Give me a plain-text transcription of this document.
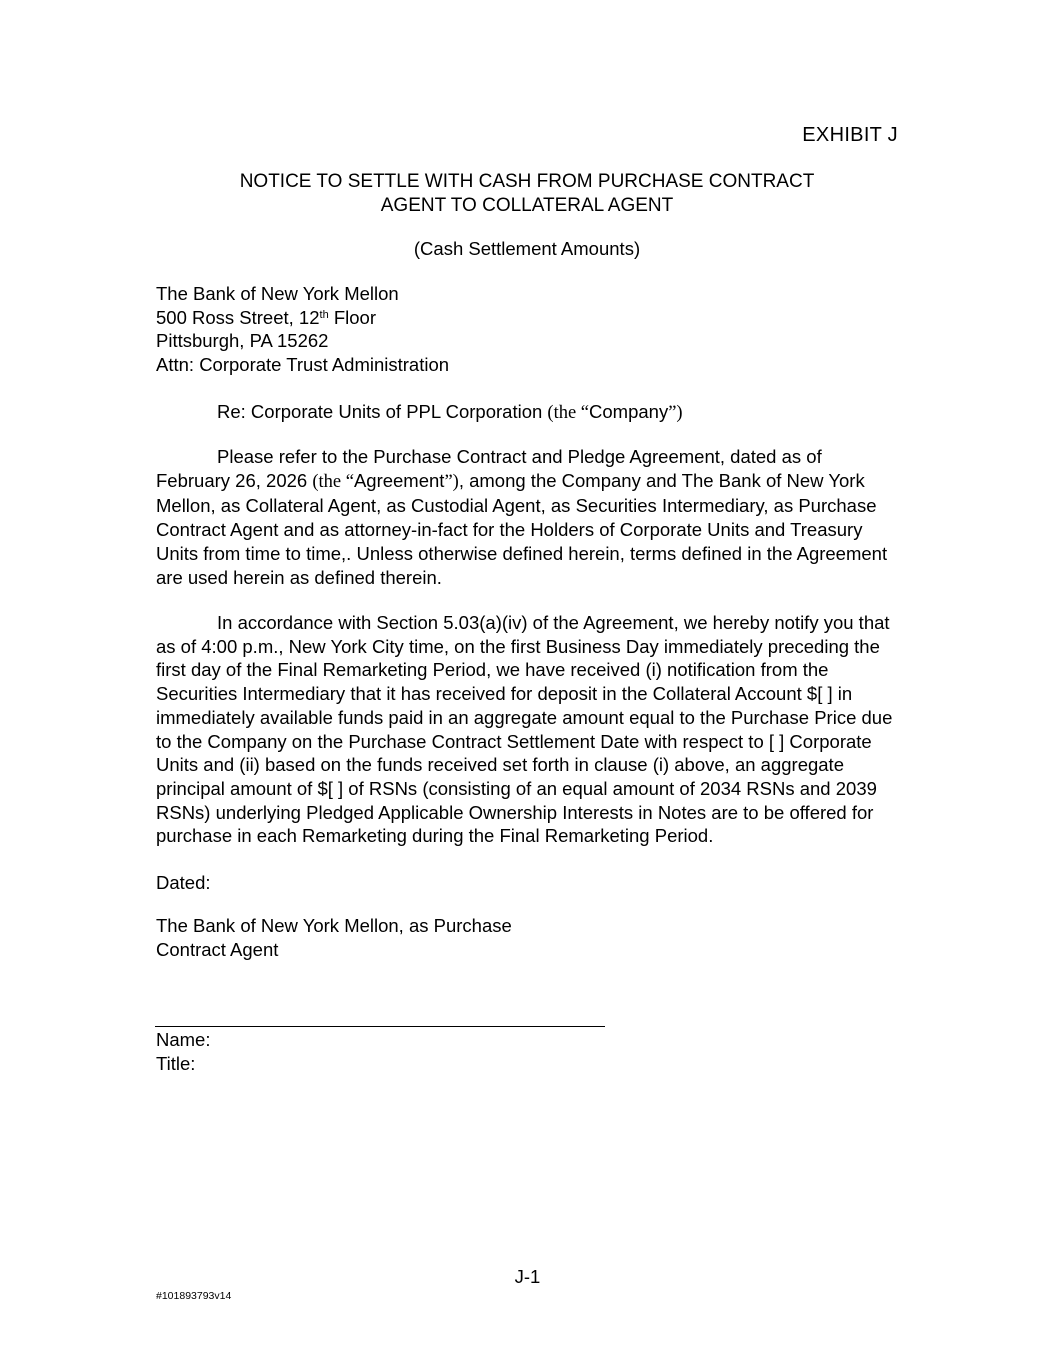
EXHIBIT J
NOTICE TO SETTLE WITH CASH FROM PURCHASE CONTRACT
AGENT TO COLLATERAL AGENT
(Cash Settlement Amounts)
The Bank of New York Mellon
500 Ross Street, 12th Floor
Pittsburgh, PA 15262
Attn: Corporate Trust Administration
Re: Corporate Units of PPL Corporation (the “Company”)
Please refer to the Purchase Contract and Pledge Agreement, dated as of February 26, 2026 (the “Agreement”), among the Company and The Bank of New York Mellon, as Collateral Agent, as Custodial Agent, as Securities Intermediary, as Purchase Contract Agent and as attorney-in-fact for the Holders of Corporate Units and Treasury Units from time to time,. Unless otherwise defined herein, terms defined in the Agreement are used herein as defined therein.
In accordance with Section 5.03(a)(iv) of the Agreement, we hereby notify you that as of 4:00 p.m., New York City time, on the first Business Day immediately preceding the first day of the Final Remarketing Period, we have received (i) notification from the Securities Intermediary that it has received for deposit in the Collateral Account $[ ] in immediately available funds paid in an aggregate amount equal to the Purchase Price due to the Company on the Purchase Contract Settlement Date with respect to [ ] Corporate Units and (ii) based on the funds received set forth in clause (i) above, an aggregate principal amount of $[ ] of RSNs (consisting of an equal amount of 2034 RSNs and 2039 RSNs) underlying Pledged Applicable Ownership Interests in Notes are to be offered for purchase in each Remarketing during the Final Remarketing Period.
Dated:
The Bank of New York Mellon, as Purchase
Contract Agent
Name:
Title:
J-1
#101893793v14
